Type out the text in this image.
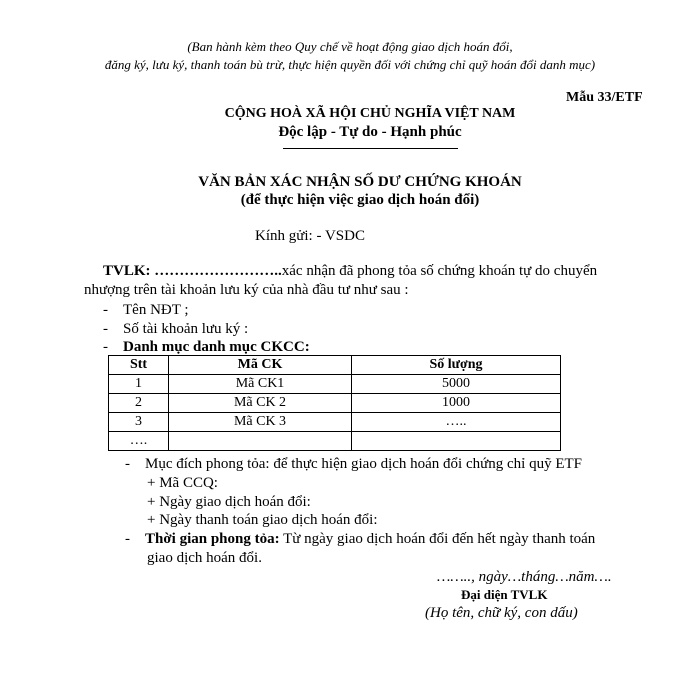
(Ban hành kèm theo Quy chế về hoạt động giao dịch hoán đổi,
đăng ký, lưu ký, thanh toán bù trừ, thực hiện quyền đối với chứng chỉ quỹ hoán đổi danh mục)
Mẫu 33/ETF
CỘNG HOÀ XÃ HỘI CHỦ NGHĨA VIỆT NAM
Độc lập - Tự do - Hạnh phúc
VĂN BẢN XÁC NHẬN SỐ DƯ CHỨNG KHOÁN
(để thực hiện việc giao dịch hoán đổi)
Kính gửi: - VSDC
TVLK: ……………………..xác nhận đã phong tỏa số chứng khoán tự do chuyển
nhượng trên tài khoản lưu ký của nhà đầu tư như sau :
- Tên NĐT ;
- Số tài khoản lưu ký :
- Danh mục danh mục CKCC:
Stt	Mã CK	Số lượng
1	Mã CK1	5000
2	Mã CK 2	1000
3	Mã CK 3	…..
….		
- Mục đích phong tỏa: để thực hiện giao dịch hoán đổi chứng chỉ quỹ ETF
+ Mã CCQ:
+ Ngày giao dịch hoán đổi:
+ Ngày thanh toán giao dịch hoán đổi:
- Thời gian phong tỏa: Từ ngày giao dịch hoán đổi đến hết ngày thanh toán
giao dịch hoán đổi.
…….., ngày…tháng…năm….
Đại diện TVLK
(Họ tên, chữ ký, con dấu)
